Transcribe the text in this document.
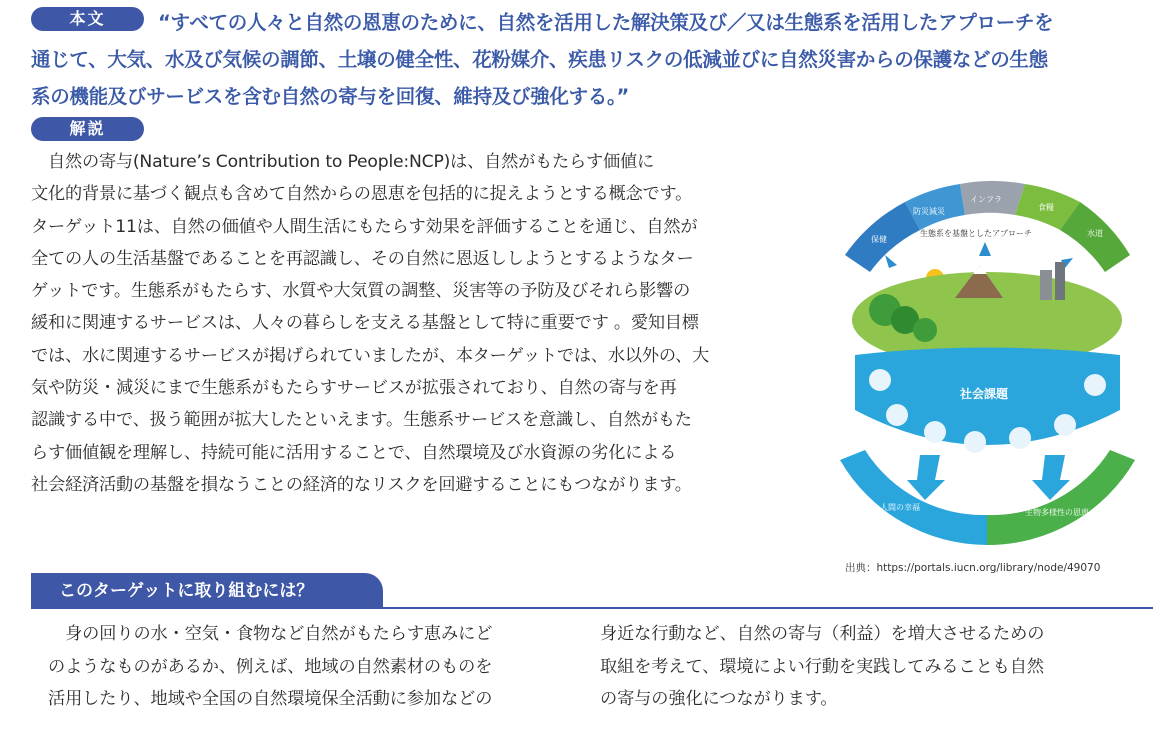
本文	“すべての人々と自然の恩恵のために、自然を活用した解決策及び／又は生態系を活用したアプローチを
通じて、大気、水及び気候の調節、土壌の健全性、花粉媒介、疾患リスクの低減並びに自然災害からの保護などの生態
系の機能及びサービスを含む自然の寄与を回復、維持及び強化する。”
解説
　自然の寄与(Nature’s Contribution to People:NCP)は、自然がもたらす価値に
文化的背景に基づく観点も含めて自然からの恩恵を包括的に捉えようとする概念です。
ターゲット11は、自然の価値や人間生活にもたらす効果を評価することを通じ、自然が
全ての人の生活基盤であることを再認識し、その自然に恩返ししようとするようなター
ゲットです。生態系がもたらす、水質や大気質の調整、災害等の予防及びそれら影響の
緩和に関連するサービスは、人々の暮らしを支える基盤として特に重要です 。愛知目標
では、水に関連するサービスが掲げられていましたが、本ターゲットでは、水以外の、大
気や防災・減災にまで生態系がもたらすサービスが拡張されており、自然の寄与を再
認識する中で、扱う範囲が拡大したといえます。生態系サービスを意識し、自然がもた
らす価値観を理解し、持続可能に活用することで、自然環境及び水資源の劣化による
社会経済活動の基盤を損なうことの経済的なリスクを回避することにもつながります。
保健
防災減災
インフラ
食糧
水道
生態系を基盤としたアプローチ
社会課題
人間の幸福
生物多様性の恩恵
出典：https://portals.iucn.org/library/node/49070
このターゲットに取り組むには？
　身の回りの水・空気・食物など自然がもたらす恵みにど
のようなものがあるか、例えば、地域の自然素材のものを
活用したり、地域や全国の自然環境保全活動に参加などの
身近な行動など、自然の寄与（利益）を増大させるための
取組を考えて、環境によい行動を実践してみることも自然
の寄与の強化につながります。
